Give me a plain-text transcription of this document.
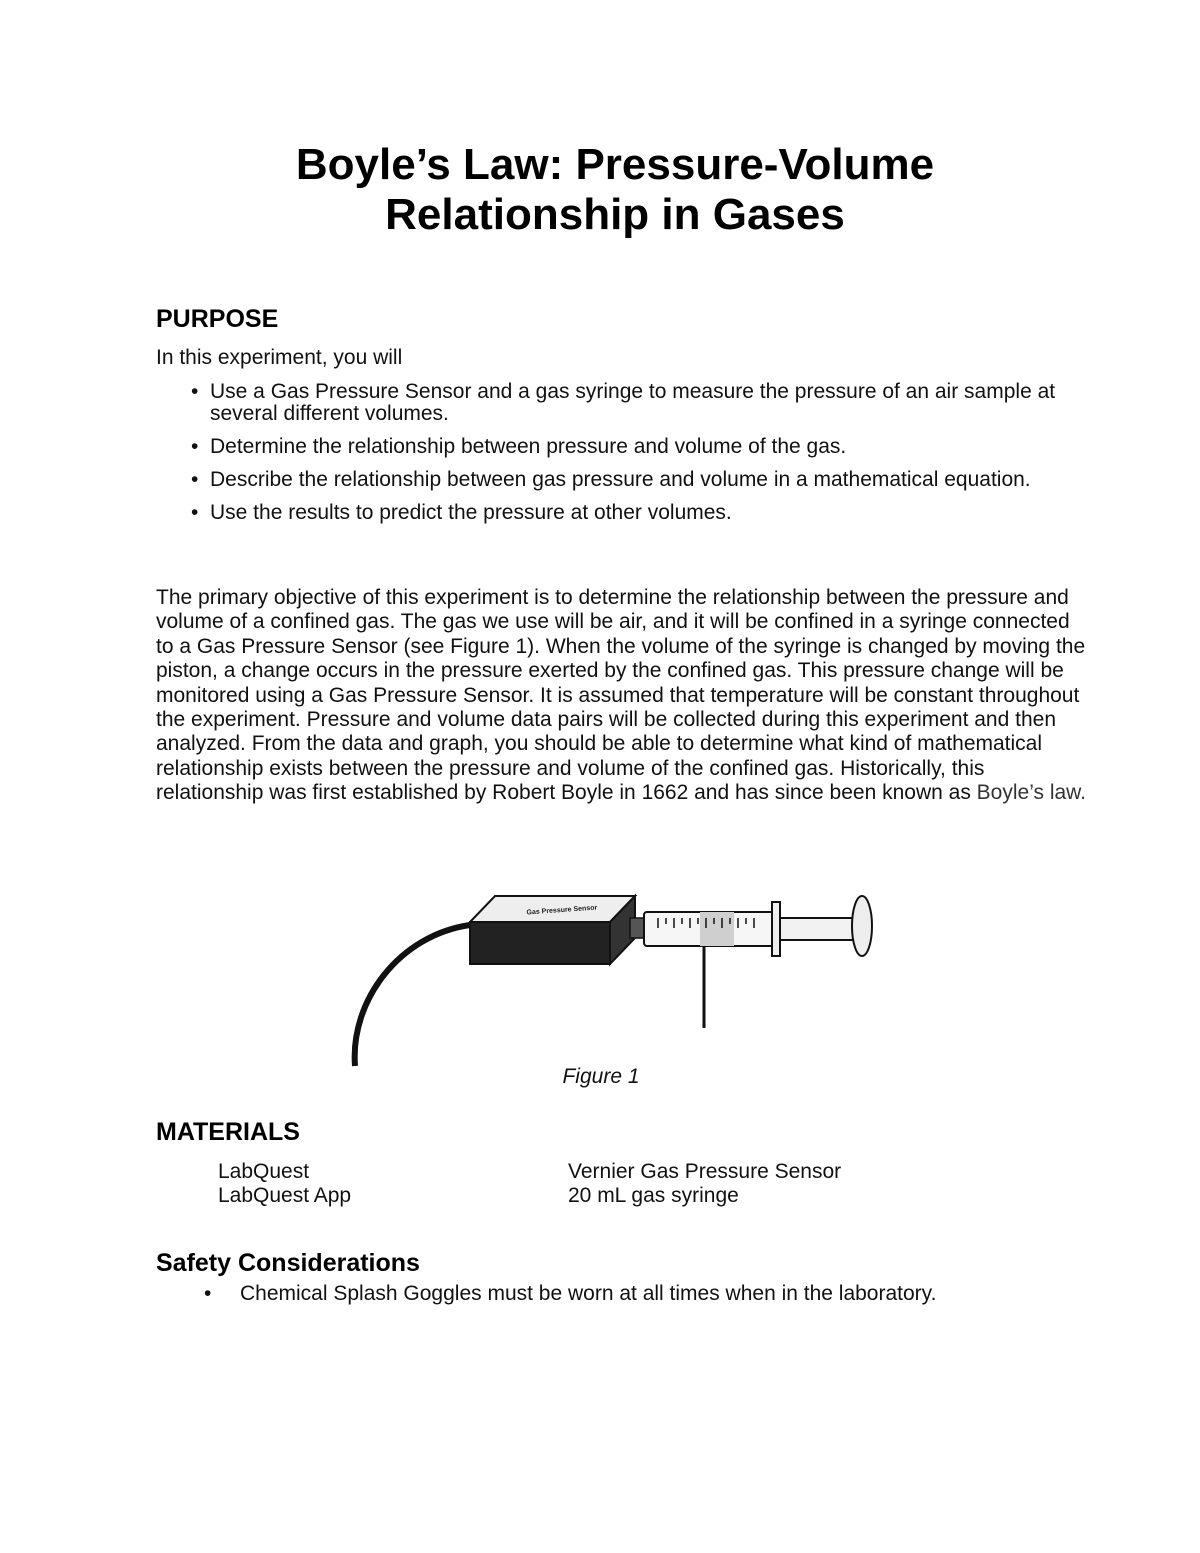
Boyle’s Law: Pressure-Volume
Relationship in Gases
PURPOSE
In this experiment, you will
• Use a Gas Pressure Sensor and a gas syringe to measure the pressure of an air sample at several different volumes.
• Determine the relationship between pressure and volume of the gas.
• Describe the relationship between gas pressure and volume in a mathematical equation.
• Use the results to predict the pressure at other volumes.
The primary objective of this experiment is to determine the relationship between the pressure and volume of a confined gas. The gas we use will be air, and it will be confined in a syringe connected to a Gas Pressure Sensor (see Figure 1). When the volume of the syringe is changed by moving the piston, a change occurs in the pressure exerted by the confined gas. This pressure change will be monitored using a Gas Pressure Sensor. It is assumed that temperature will be constant throughout the experiment. Pressure and volume data pairs will be collected during this experiment and then analyzed. From the data and graph, you should be able to determine what kind of mathematical relationship exists between the pressure and volume of the confined gas. Historically, this relationship was first established by Robert Boyle in 1662 and has since been known as Boyle’s law.
Gas Pressure Sensor
Figure 1
MATERIALS
LabQuest	Vernier Gas Pressure Sensor
LabQuest App	20 mL gas syringe
Safety Considerations
• Chemical Splash Goggles must be worn at all times when in the laboratory.
